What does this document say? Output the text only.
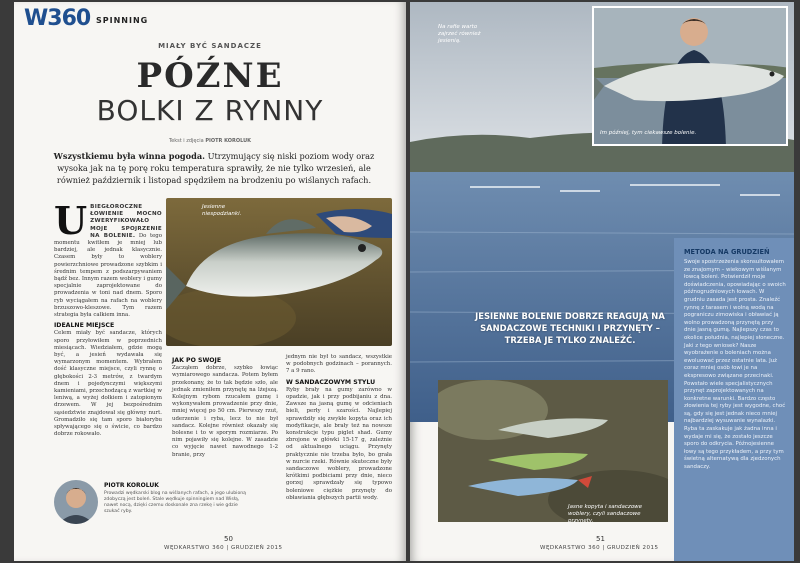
W360 SPINNING
MIAŁY BYĆ SANDACZE
PÓŹNE
BOLKI Z RYNNY
Tekst i zdjęcia PIOTR KOROLUK
Wszystkiemu była winna pogoda. Utrzymujący się niski poziom wody oraz wysoka jak na tę porę roku temperatura sprawiły, że nie tylko wrzesień, ale również październik i listopad spędziłem na brodzeniu po wiślanych rafach.
Jesienne niespodzianki.
U BIEGŁOROCZNE ŁOWIENIE MOCNO ZWERYFIKOWAŁO MOJE SPOJRZENIE NA BOLENIE. Do tego momentu kwitłem je mniej lub bardziej, ale jednak klasycznie. Czasem były to woblery powierzchniowe prowadzone szybkim i średnim tempem z podszarpywaniem bądź bez. Innym razem woblery i gumy specjalnie zaprojektowane do prowadzenia w toni nad dnem. Sporo ryb wyciągałem na rafach na woblery brzuszowo-kleszowe. Tym razem strategia była całkiem inna.
IDEALNE MIEJSCE
Celem miały być sandacze, których sporo przyłowiłem w poprzednich miesiącach. Wiedziałem, gdzie mogą być, a jesień wydawała się wymarzonym momentem. Wybrałem dość klasyczne miejsce, czyli rynnę o głębokości 2-3 metrów, z twardym dnem i pojedynczymi większymi kamieniami, przechodzącą z wartkiej w leniwą, a wyżej dołkiem i zatopionym drzewem. W jej bezpośrednim sąsiedztwie znajdował się główny nurt. Gromadziło się tam sporo białorybu spływającego się o świcie, co bardzo dobrze rokowało.
JAK PO SWOJE
Zacząłem dobrze, szybko łowiąc wymiarowego sandacza. Potem byłem przekonany, że to tak będzie szło, ale jednak zmieniłem przynętę na lżejszą. Kolejnym rybom rzucałem gumę i wykonywałem prowadzenie przy dnie, mniej więcej po 50 cm. Pierwszy rzut, uderzenie i ryba, lecz to nie był sandacz. Kolejne również okazały się bolesne i to w sporym rozmiarze. Po nim pojawiły się kolejne. W zasadzie co wyjęcie nawet nawodnego 1-2 branie, przy
jednym nie był to sandacz, wszystkie w podobnych godzinach – porannych. 7 a 9 rano.
W SANDACZOWYM STYLU
Ryby brały na gumy zarówno w opadzie, jak i przy podbijaniu z dna. Zawsze na jasną gumę w odcieniach bieli, perły i szarości. Najlepiej sprawdziły się zwykłe kopyta oraz ich modyfikacje, ale brały też na nowsze konstrukcje typu piglet shad. Gumy zbrojone w główki 15-17 g, zależnie od aktualnego uciągu. Przynęty praktycznie nie trzeba było, bo grała w nurcie rzeki. Równie skuteczne były sandaczowe woblery, prowadzone krótkimi podbiciami przy dnie, nieco gorzej sprawdzały się typowo boleniowe ciężkie przynęty do obławiania głębszych partii wody.
PIOTR KOROLUK
Prowadzi wędkarski blog na wiślanych rafach, a jego ulubioną zdobyczą jest boleń. Stale wędkuje spinningiem nad Wisłą, nawet nocą, dzięki czemu doskonale zna rzekę i wie gdzie szukać ryby.
50
WĘDKARSTWO 360 | GRUDZIEŃ 2015
Na rafie warto zajrzeć również jesienią.
Im później, tym ciekawsze bolenie.
JESIENNE BOLENIE DOBRZE REAGUJĄ NA SANDACZOWE TECHNIKI I PRZYNĘTY – TRZEBA JE TYLKO ZNALEŹĆ.
Jasne kopyta i sandaczowe woblery, czyli sandaczowe przynęty.
METODA NA GRUDZIEŃ
Swoje spostrzeżenia skonsultowałem ze znajomym – wiekowym wiślanym łowcą boleni. Potwierdził moje doświadczenia, opowiadając o swoich późnogrudniowych łowach. W grudniu zasada jest prosta. Znaleźć rynnę z tarasem i wolną wodą na pograniczu zimowiska i obławiać ją wolno prowadzoną przynętą przy dnie jasną gumą. Najlepszy czas to okolice południa, najlepiej słoneczne. Jaki z tego wniosek? Nasze wyobrażenie o boleniach można ewoluować przez ostatnie lata. Już coraz mniej osób łowi je na ekspresowo związane przecinaki. Powstało wiele specjalistycznych przynęt zaprojektowanych na konkretne warunki. Bardzo często złowienia tej ryby jest wygodne, choć są, gdy się jest jednak nieco mniej najbardziej wysuwanie wynalazki. Ryba ta zaskakuje jak żadna inna i wydaje mi się, że zostało jeszcze sporo do odkrycia. Późnojesienne łowy są tego przykładem, a przy tym świetną alternatywą dla zjedzonych sandaczy.
51
WĘDKARSTWO 360 | GRUDZIEŃ 2015
